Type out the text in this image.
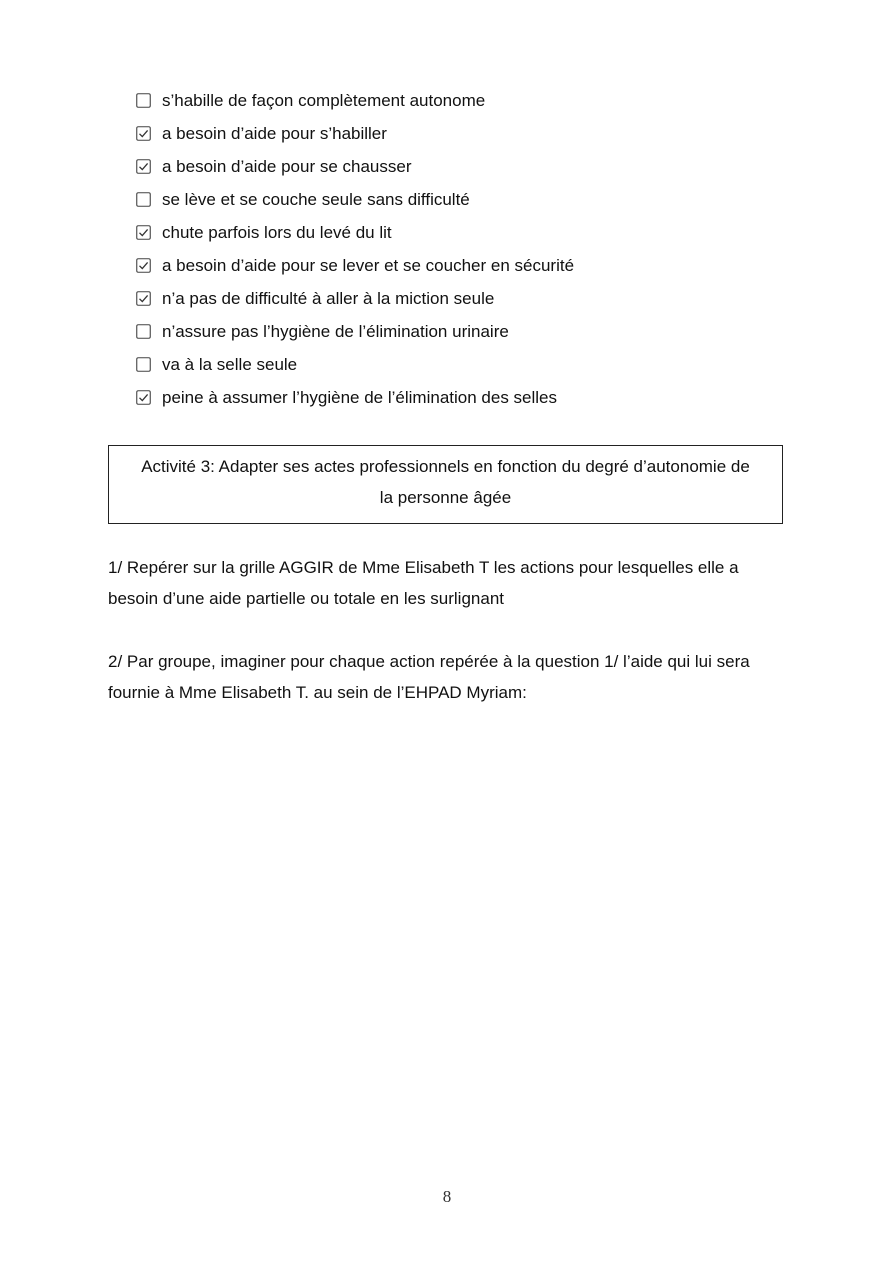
s’habille de façon complètement autonome
a besoin d’aide pour s’habiller
a besoin d’aide pour se chausser
se lève et se couche seule sans difficulté
chute parfois lors du levé du lit
a besoin d’aide pour se lever et se coucher en sécurité
n’a pas de difficulté à aller à la miction seule
n’assure pas l’hygiène de l’élimination urinaire
va à la selle seule
peine à assumer l’hygiène de l’élimination des selles
Activité 3: Adapter ses actes professionnels en fonction du degré d’autonomie de
la personne âgée

1/ Repérer sur la grille AGGIR de Mme Elisabeth T les actions pour lesquelles elle a besoin d’une aide partielle ou totale en les surlignant

2/ Par groupe, imaginer pour chaque action repérée à la question 1/ l’aide qui lui sera fournie à Mme Elisabeth T. au sein de l’EHPAD Myriam:

8
